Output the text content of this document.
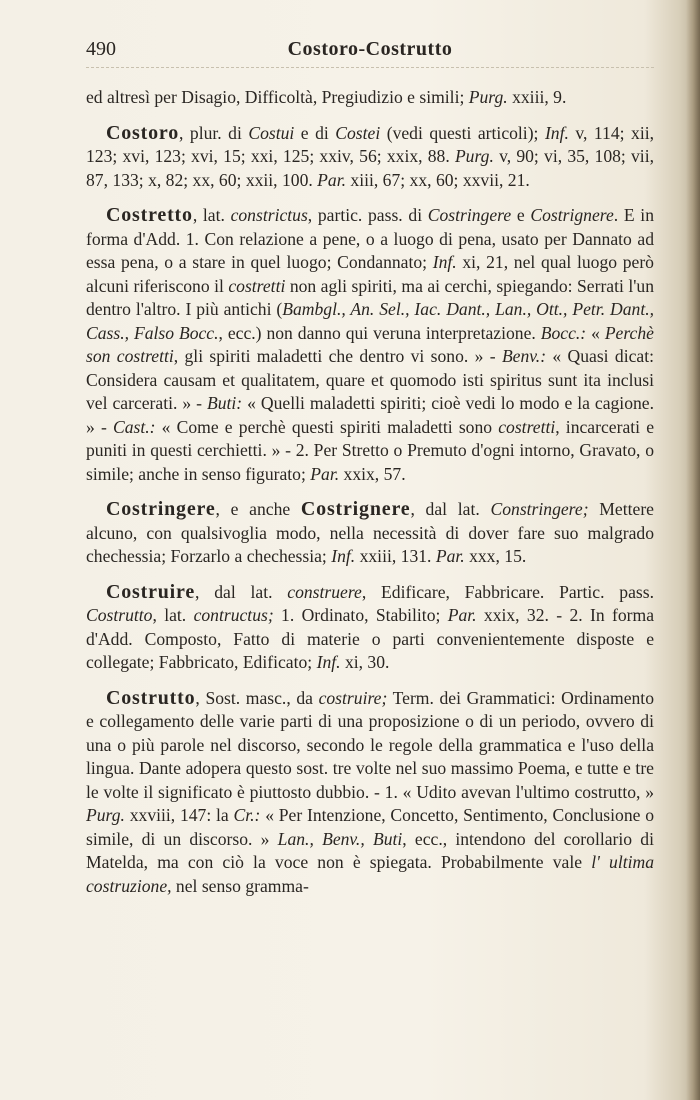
490	Costoro-Costrutto

ed altresì per Disagio, Difficoltà, Pregiudizio e simili; Purg. xxiii, 9.

Costoro, plur. di Costui e di Costei (vedi questi articoli); Inf. v, 114; xii, 123; xvi, 123; xvi, 15; xxi, 125; xxiv, 56; xxix, 88. Purg. v, 90; vi, 35, 108; vii, 87, 133; x, 82; xx, 60; xxii, 100. Par. xiii, 67; xx, 60; xxvii, 21.

Costretto, lat. constrictus, partic. pass. di Costringere e Costrignere. E in forma d'Add. 1. Con relazione a pene, o a luogo di pena, usato per Dannato ad essa pena, o a stare in quel luogo; Condannato; Inf. xi, 21, nel qual luogo però alcuni riferiscono il costretti non agli spiriti, ma ai cerchi, spiegando: Serrati l'un dentro l'altro. I più antichi (Bambgl., An. Sel., Iac. Dant., Lan., Ott., Petr. Dant., Cass., Falso Bocc., ecc.) non danno qui veruna interpretazione. Bocc.: « Perchè son costretti, gli spiriti maladetti che dentro vi sono. » - Benv.: « Quasi dicat: Considera causam et qualitatem, quare et quomodo isti spiritus sunt ita inclusi vel carcerati. » - Buti: « Quelli maladetti spiriti; cioè vedi lo modo e la cagione. » - Cast.: « Come e perchè questi spiriti maladetti sono costretti, incarcerati e puniti in questi cerchietti. » - 2. Per Stretto o Premuto d'ogni intorno, Gravato, o simile; anche in senso figurato; Par. xxix, 57.

Costringere, e anche Costrignere, dal lat. Constringere; Mettere alcuno, con qualsivoglia modo, nella necessità di dover fare suo malgrado chechessia; Forzarlo a chechessia; Inf. xxiii, 131. Par. xxx, 15.

Costruire, dal lat. construere, Edificare, Fabbricare. Partic. pass. Costrutto, lat. contructus; 1. Ordinato, Stabilito; Par. xxix, 32. - 2. In forma d'Add. Composto, Fatto di materie o parti convenientemente disposte e collegate; Fabbricato, Edificato; Inf. xi, 30.

Costrutto, Sost. masc., da costruire; Term. dei Grammatici: Ordinamento e collegamento delle varie parti di una proposizione o di un periodo, ovvero di una o più parole nel discorso, secondo le regole della grammatica e l'uso della lingua. Dante adopera questo sost. tre volte nel suo massimo Poema, e tutte e tre le volte il significato è piuttosto dubbio. - 1. « Udito avevan l'ultimo costrutto, » Purg. xxviii, 147: la Cr.: « Per Intenzione, Concetto, Sentimento, Conclusione o simile, di un discorso. » Lan., Benv., Buti, ecc., intendono del corollario di Matelda, ma con ciò la voce non è spiegata. Probabilmente vale l' ultima costruzione, nel senso gramma-
